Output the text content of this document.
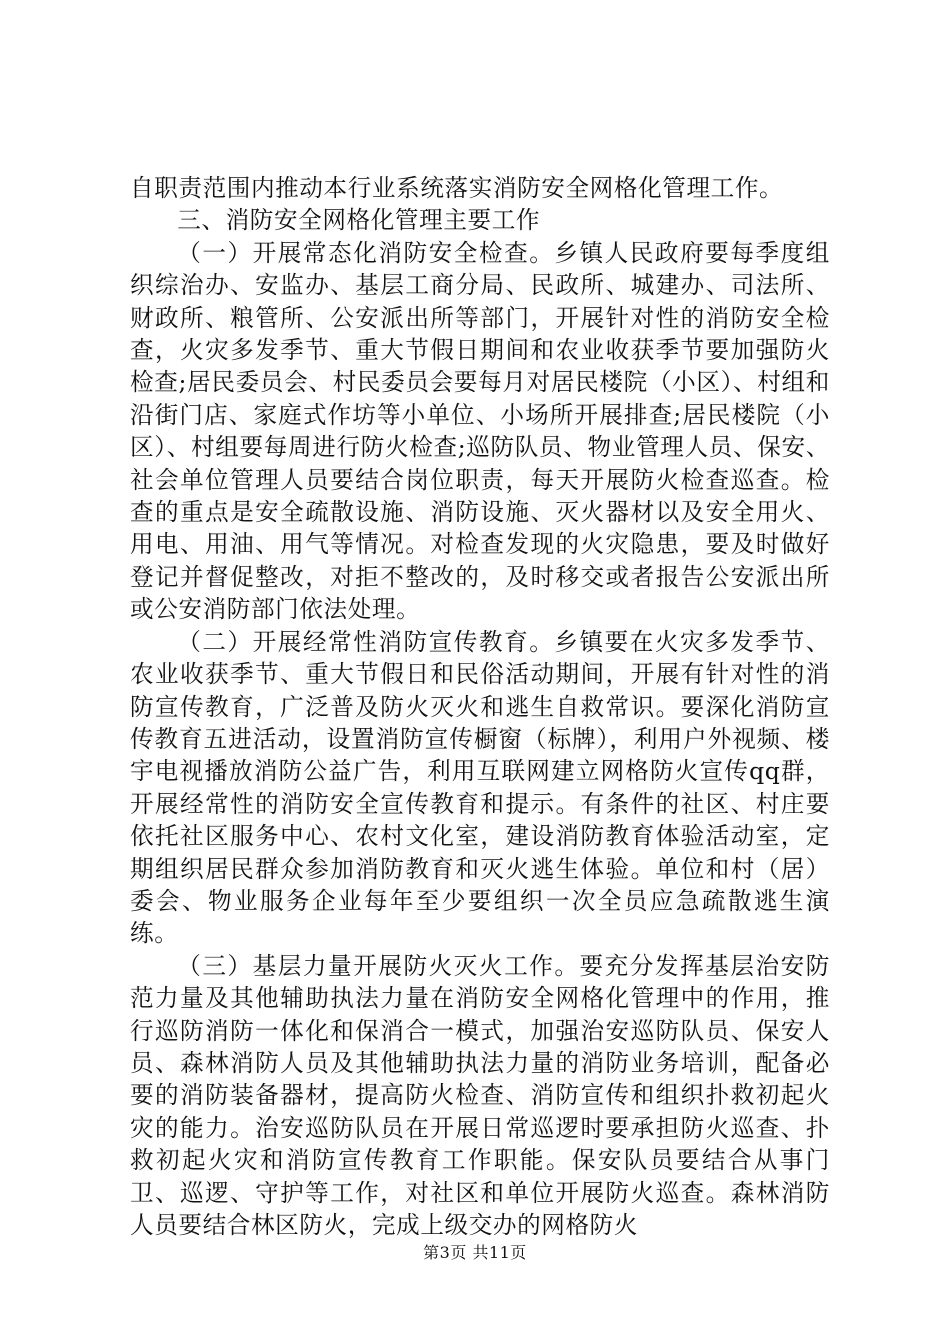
自职责范围内推动本行业系统落实消防安全网格化管理工作。

三、消防安全网格化管理主要工作

（一）开展常态化消防安全检查。乡镇人民政府要每季度组织综治办、安监办、基层工商分局、民政所、城建办、司法所、财政所、粮管所、公安派出所等部门，开展针对性的消防安全检查，火灾多发季节、重大节假日期间和农业收获季节要加强防火检查;居民委员会、村民委员会要每月对居民楼院（小区）、村组和沿街门店、家庭式作坊等小单位、小场所开展排查;居民楼院（小区）、村组要每周进行防火检查;巡防队员、物业管理人员、保安、社会单位管理人员要结合岗位职责，每天开展防火检查巡查。检查的重点是安全疏散设施、消防设施、灭火器材以及安全用火、用电、用油、用气等情况。对检查发现的火灾隐患，要及时做好登记并督促整改，对拒不整改的，及时移交或者报告公安派出所或公安消防部门依法处理。

（二）开展经常性消防宣传教育。乡镇要在火灾多发季节、农业收获季节、重大节假日和民俗活动期间，开展有针对性的消防宣传教育，广泛普及防火灭火和逃生自救常识。要深化消防宣传教育五进活动，设置消防宣传橱窗（标牌），利用户外视频、楼宇电视播放消防公益广告，利用互联网建立网格防火宣传qq群，开展经常性的消防安全宣传教育和提示。有条件的社区、村庄要依托社区服务中心、农村文化室，建设消防教育体验活动室，定期组织居民群众参加消防教育和灭火逃生体验。单位和村（居）委会、物业服务企业每年至少要组织一次全员应急疏散逃生演练。

（三）基层力量开展防火灭火工作。要充分发挥基层治安防范力量及其他辅助执法力量在消防安全网格化管理中的作用，推行巡防消防一体化和保消合一模式，加强治安巡防队员、保安人员、森林消防人员及其他辅助执法力量的消防业务培训，配备必要的消防装备器材，提高防火检查、消防宣传和组织扑救初起火灾的能力。治安巡防队员在开展日常巡逻时要承担防火巡查、扑救初起火灾和消防宣传教育工作职能。保安队员要结合从事门卫、巡逻、守护等工作，对社区和单位开展防火巡查。森林消防人员要结合林区防火，完成上级交办的网格防火

第3页 共11页
